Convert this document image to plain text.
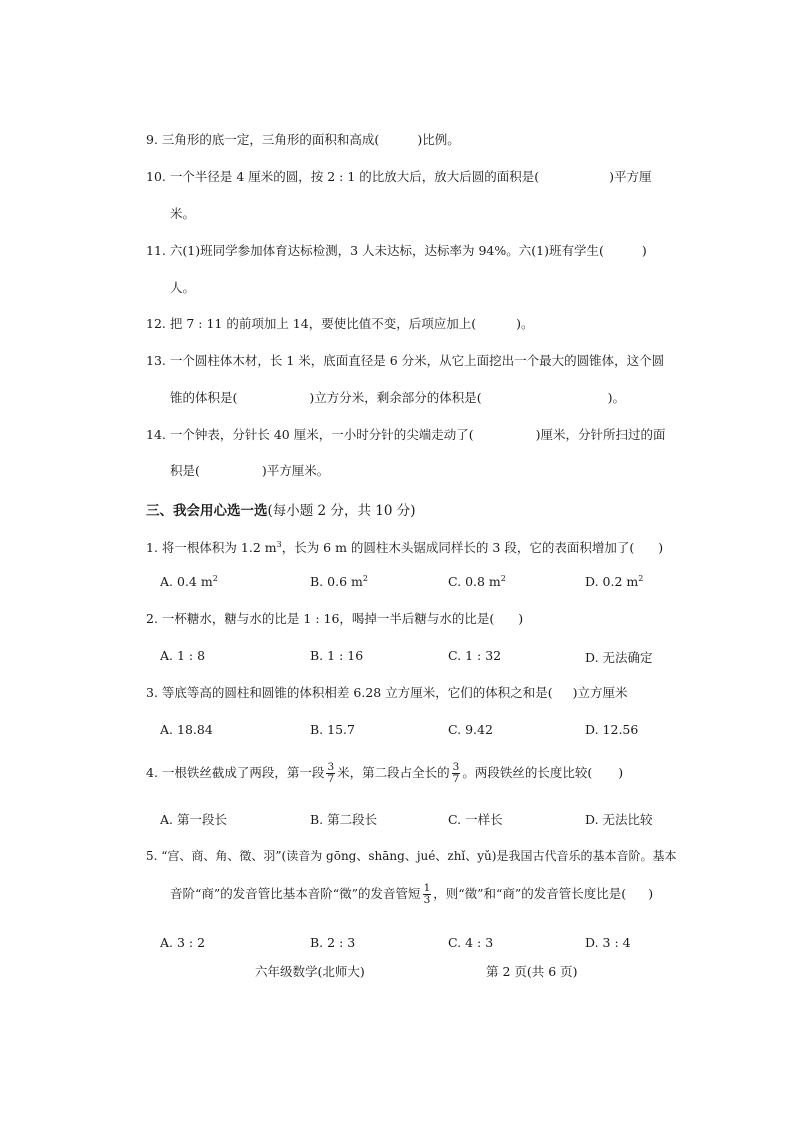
9. 三角形的底一定，三角形的面积和高成(	)比例。
10. 一个半径是 4 厘米的圆，按 2 : 1 的比放大后，放大后圆的面积是(	)平方厘
米。
11. 六(1)班同学参加体育达标检测，3 人未达标，达标率为 94%。六(1)班有学生(	)
人。
12. 把 7 : 11 的前项加上 14，要使比值不变，后项应加上(	)。
13. 一个圆柱体木材，长 1 米，底面直径是 6 分米，从它上面挖出一个最大的圆锥体，这个圆
锥的体积是(	)立方分米，剩余部分的体积是(	)。
14. 一个钟表，分针长 40 厘米，一小时分针的尖端走动了(	)厘米，分针所扫过的面
积是(	)平方厘米。
三、我会用心选一选(每小题 2 分，共 10 分)
1. 将一根体积为 1.2 $m^3$，长为 6 m 的圆柱木头锯成同样长的 3 段，它的表面积增加了( )
A. 0.4 $m^2$	B. 0.6 $m^2$	C. 0.8 $m^2$	D. 0.2 $m^2$
2. 一杯糖水，糖与水的比是 1 : 16，喝掉一半后糖与水的比是( )
A. 1 : 8	B. 1 : 16	C. 1 : 32	D. 无法确定
3. 等底等高的圆柱和圆锥的体积相差 6.28 立方厘米，它们的体积之和是( )立方厘米
A. 18.84	B. 15.7	C. 9.42	D. 12.56
4. 一根铁丝截成了两段，第一段 $\frac{3}{7}$ 米，第二段占全长的 $\frac{3}{7}$ 。两段铁丝的长度比较( )
A. 第一段长	B. 第二段长	C. 一样长	D. 无法比较
5. “宫、商、角、徵、羽”(读音为 gōng、shāng、jué、zhǐ、yǔ)是我国古代音乐的基本音阶。基本
音阶“商”的发音管比基本音阶“徵”的发音管短 $\frac{1}{3}$ ，则“徵”和“商”的发音管长度比是( )
A. 3 : 2	B. 2 : 3	C. 4 : 3	D. 3 : 4
六年级数学(北师大)	第 2 页(共 6 页)
